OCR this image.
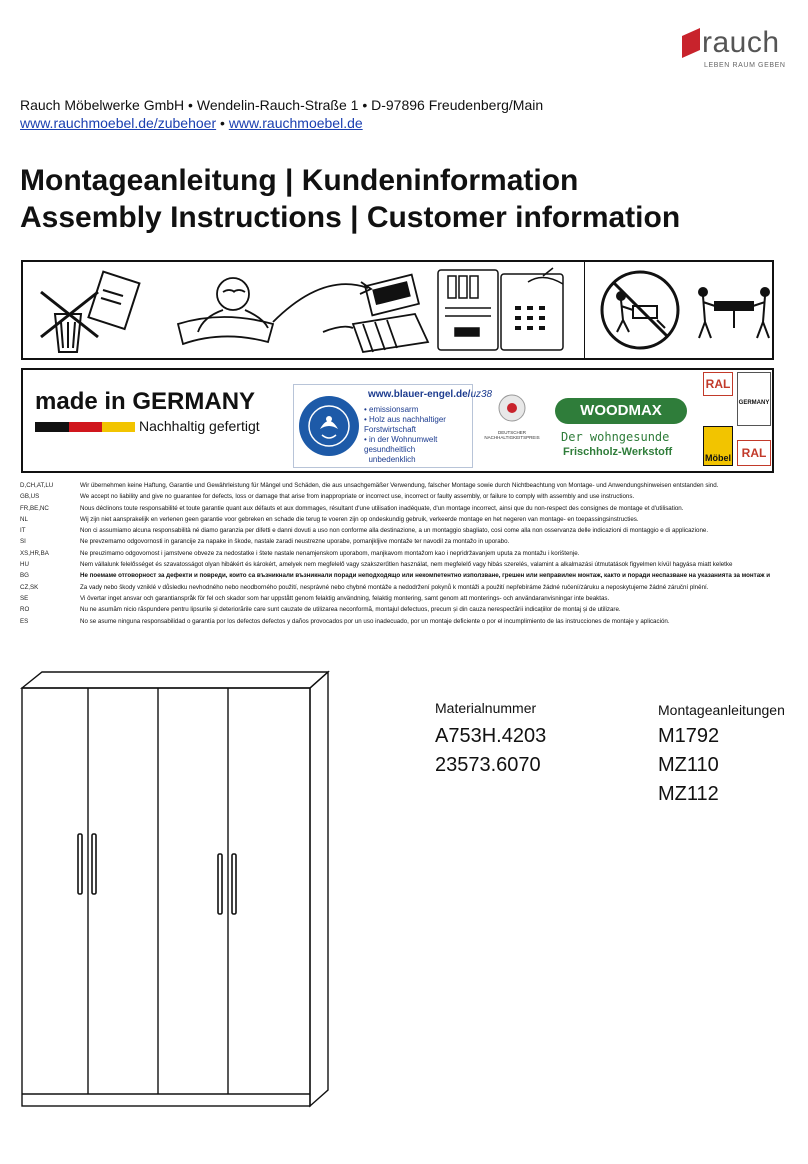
rauch
LEBEN RAUM GEBEN
Rauch Möbelwerke GmbH • Wendelin-Rauch-Straße 1 • D-97896 Freudenberg/Main
www.rauchmoebel.de/zubehoer • www.rauchmoebel.de
Montageanleitung | Kundeninformation
Assembly Instructions | Customer information
made in GERMANY
Nachhaltig gefertigt
www.blauer-engel.de/uz38
• emissionsarm
• Holz aus nachhaltiger Forstwirtschaft
• in der Wohnumwelt gesundheitlich
unbedenklich
DEUTSCHER NACHHALTIGKEITSPREIS
WOODMAX
Der wohngesunde
Frischholz-Werkstoff
RAL
Möbel
GERMANY
RAL
D,CH,AT,LU	Wir übernehmen keine Haftung, Garantie und Gewährleistung für Mängel und Schäden, die aus unsachgemäßer Verwendung, falscher Montage sowie durch Nichtbeachtung von Montage- und Anwendungshinweisen entstanden sind.
GB,US	We accept no liability and give no guarantee for defects, loss or damage that arise from inappropriate or incorrect use, incorrect or faulty assembly, or failure to comply with assembly and use instructions.
FR,BE,NC	Nous déclinons toute responsabilité et toute garantie quant aux défauts et aux dommages, résultant d'une utilisation inadéquate, d'un montage incorrect, ainsi que du non-respect des consignes de montage et d'utilisation.
NL	Wij zijn niet aansprakelijk en verlenen geen garantie voor gebreken en schade die terug te voeren zijn op ondeskundig gebruik, verkeerde montage en het negeren van montage- en toepassingsinstructies.
IT	Non ci assumiamo alcuna responsabilità né diamo garanzia per difetti e danni dovuti a uso non conforme alla destinazione, a un montaggio sbagliato, così come alla non osservanza delle indicazioni di montaggio e di applicazione.
SI	Ne prevzemamo odgovornosti in garancije za napake in škode, nastale zaradi neustrezne uporabe, pomanjkljive montaže ter navodil za montažo in uporabo.
XS,HR,BA	Ne preuzimamo odgovornost i jamstvene obveze za nedostatke i štete nastale nenamjenskom uporabom, manjkavom montažom kao i nepridržavanjem uputa za montažu i korištenje.
HU	Nem vállalunk felelősséget és szavatosságot olyan hibákért és károkért, amelyek nem megfelelő vagy szakszerűtlen használat, nem megfelelő vagy hibás szerelés, valamint a alkalmazási útmutatások figyelmen kívül hagyása miatt keletke
BG	Не поемаме отговорност за дефекти и повреди, които са възникнали възникнали поради неподходящо или некомпетентно използване, грешен или неправилен монтаж, както и поради неспазване на указанията за монтаж и
CZ,SK	Za vady nebo škody vzniklé v důsledku nevhodného nebo neodborného použití, nesprávné nebo chybné montáže a nedodržení pokynů k montáži a použití nepřebíráme žádné ručení/záruku a neposkytujeme žádné záruční plnění.
SE	Vi övertar inget ansvar och garantianspråk för fel och skador som har uppstått genom felaktig användning, felaktig montering, samt genom att monterings- och användaranvisningar inte beaktas.
RO	Nu ne asumăm nicio răspundere pentru lipsurile și deteriorările care sunt cauzate de utilizarea neconformă, montajul defectuos, precum și din cauza nerespectării indicațiilor de montaj și de utilizare.
ES	No se asume ninguna responsabilidad o garantía por los defectos defectos y daños provocados por un uso inadecuado, por un montaje deficiente o por el incumplimiento de las instrucciones de montaje y aplicación.
Materialnummer
A753H.4203
23573.6070
Montageanleitungen
M1792
MZ110
MZ112
